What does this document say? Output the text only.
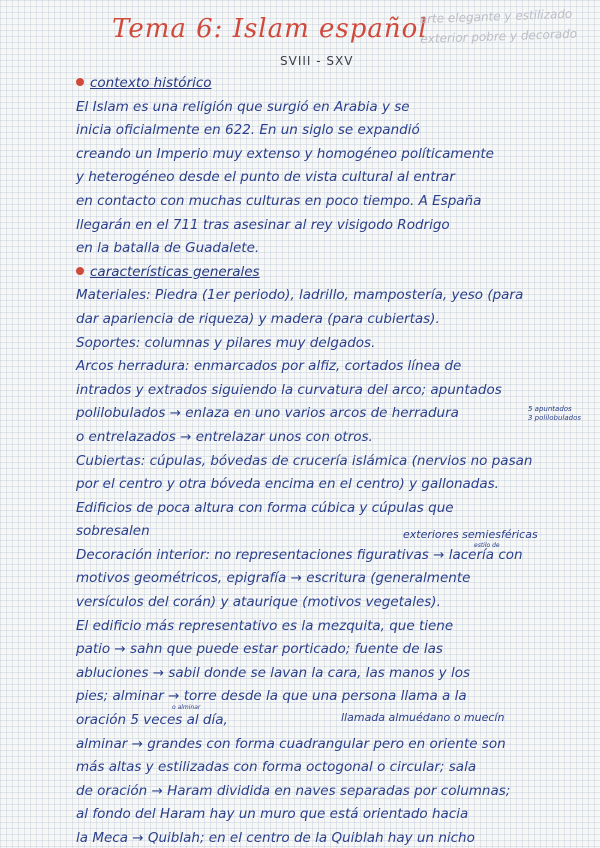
Tema 6: Islam español
arte elegante y estilizado
exterior pobre y decorado
SVIII - SXV
contexto histórico
El Islam es una religión que surgió en Arabia y se
inicia oficialmente en 622. En un siglo se expandió
creando un Imperio muy extenso y homogéneo políticamente
y heterogéneo desde el punto de vista cultural al entrar
en contacto con muchas culturas en poco tiempo. A España
llegarán en el 711 tras asesinar al rey visigodo Rodrigo
en la batalla de Guadalete.
características generales
Materiales: Piedra (1er periodo), ladrillo, mampostería, yeso (para
dar apariencia de riqueza) y madera (para cubiertas).
Soportes: columnas y pilares muy delgados.
Arcos herradura: enmarcados por alfiz, cortados línea de
intrados y extrados siguiendo la curvatura del arco; apuntados
polilobulados → enlaza en uno varios arcos de herradura	5 apuntados
3 polilobulados
o entrelazados → entrelazar unos con otros.
Cubiertas: cúpulas, bóvedas de crucería islámica (nervios no pasan
por el centro y otra bóveda encima en el centro) y gallonadas.
Edificios de poca altura con forma cúbica y cúpulas que
sobresalen	exteriores semiesféricas
Decoración interior: no representaciones figurativas → lacería con
estilo de
motivos geométricos, epigrafía → escritura (generalmente
versículos del corán) y ataurique (motivos vegetales).
El edificio más representativo es la mezquita, que tiene
patio → sahn que puede estar porticado; fuente de las
abluciones → sabil donde se lavan la cara, las manos y los
pies; alminar → torre desde la que una persona llama a la
o alminar
oración 5 veces al día,	llamada almuédano o muecín
alminar → grandes con forma cuadrangular pero en oriente son
más altas y estilizadas con forma octogonal o circular; sala
de oración → Haram dividida en naves separadas por columnas;
al fondo del Haram hay un muro que está orientado hacia
la Meca → Quiblah; en el centro de la Quiblah hay un nicho
